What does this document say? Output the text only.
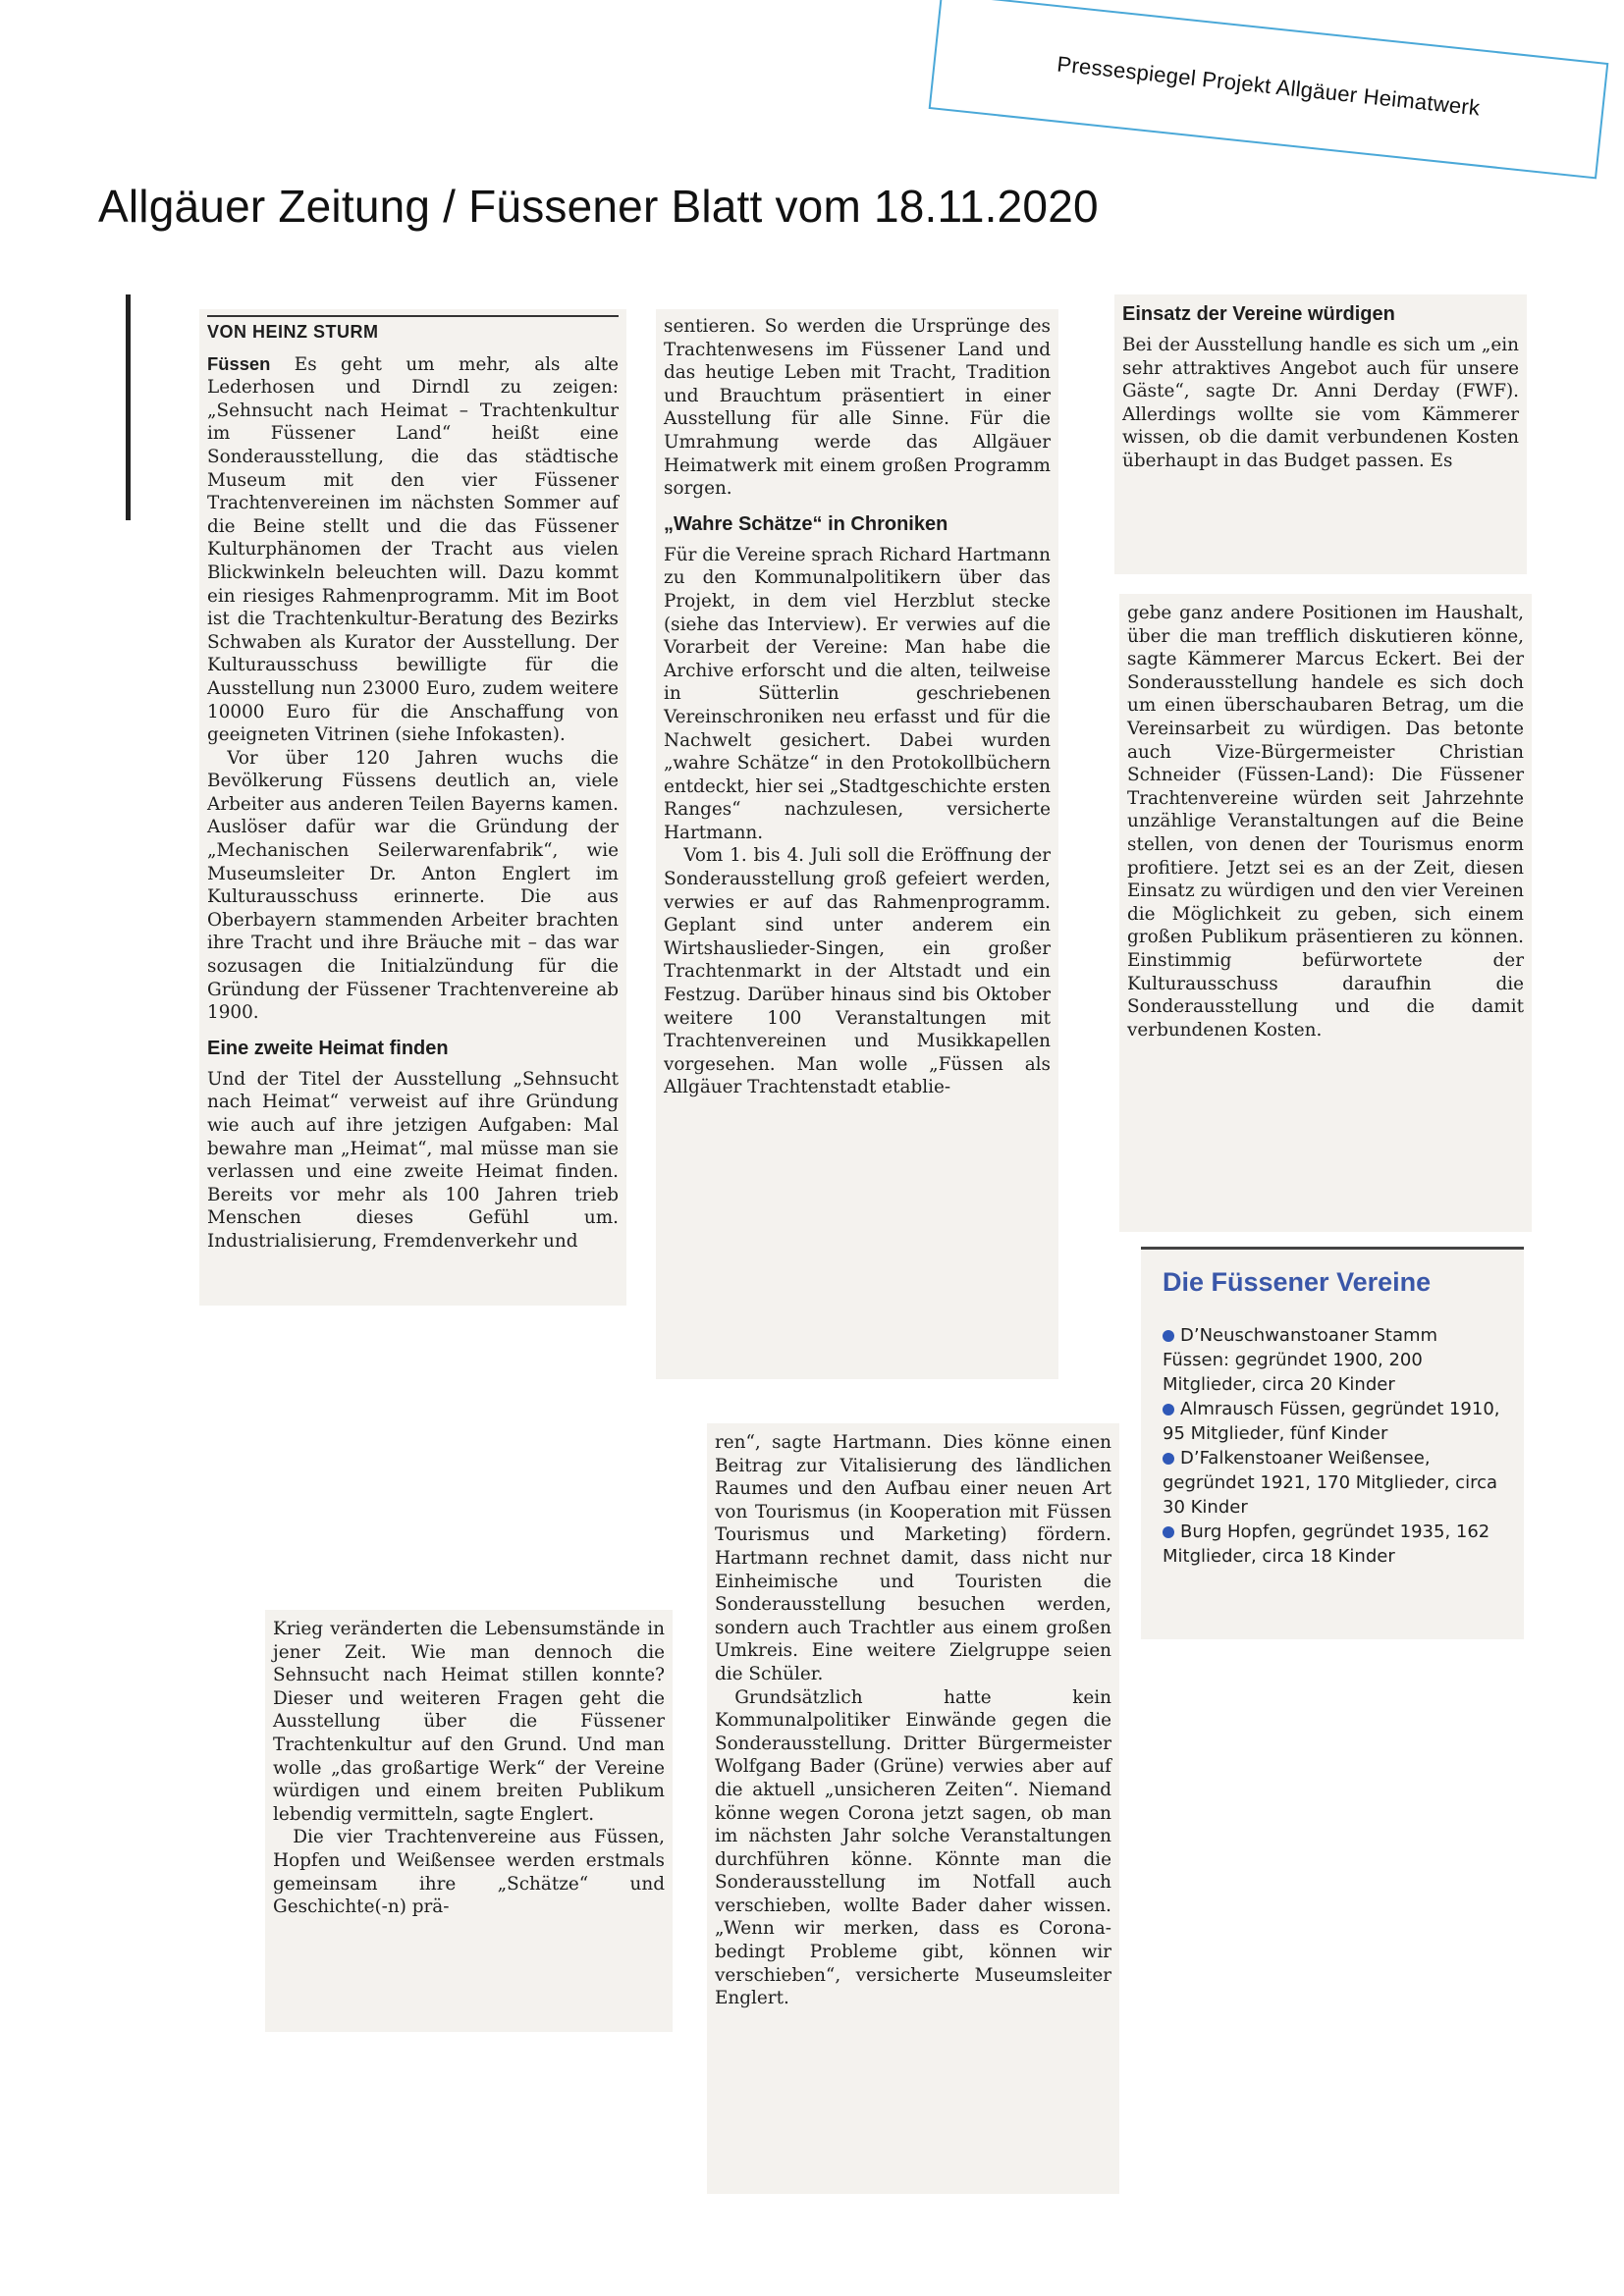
Pressespiegel Projekt Allgäuer Heimatwerk
Allgäuer Zeitung / Füssener Blatt vom 18.11.2020
VON HEINZ STURM

Füssen Es geht um mehr, als alte Lederhosen und Dirndl zu zeigen: „Sehnsucht nach Heimat – Trachtenkultur im Füssener Land“ heißt eine Sonderausstellung, die das städtische Museum mit den vier Füssener Trachtenvereinen im nächsten Sommer auf die Beine stellt und die das Füssener Kulturphänomen der Tracht aus vielen Blickwinkeln beleuchten will. Dazu kommt ein riesiges Rahmenprogramm. Mit im Boot ist die Trachtenkultur-Beratung des Bezirks Schwaben als Kurator der Ausstellung. Der Kulturausschuss bewilligte für die Ausstellung nun 23000 Euro, zudem weitere 10000 Euro für die Anschaffung von geeigneten Vitrinen (siehe Infokasten).

Vor über 120 Jahren wuchs die Bevölkerung Füssens deutlich an, viele Arbeiter aus anderen Teilen Bayerns kamen. Auslöser dafür war die Gründung der „Mechanischen Seilerwarenfabrik“, wie Museumsleiter Dr. Anton Englert im Kulturausschuss erinnerte. Die aus Oberbayern stammenden Arbeiter brachten ihre Tracht und ihre Bräuche mit – das war sozusagen die Initialzündung für die Gründung der Füssener Trachtenvereine ab 1900.

Eine zweite Heimat finden

Und der Titel der Ausstellung „Sehnsucht nach Heimat“ verweist auf ihre Gründung wie auch auf ihre jetzigen Aufgaben: Mal bewahre man „Heimat“, mal müsse man sie verlassen und eine zweite Heimat finden. Bereits vor mehr als 100 Jahren trieb Menschen dieses Gefühl um. Industrialisierung, Fremdenverkehr und

Krieg veränderten die Lebensumstände in jener Zeit. Wie man dennoch die Sehnsucht nach Heimat stillen konnte? Dieser und weiteren Fragen geht die Ausstellung über die Füssener Trachtenkultur auf den Grund. Und man wolle „das großartige Werk“ der Vereine würdigen und einem breiten Publikum lebendig vermitteln, sagte Englert.

Die vier Trachtenvereine aus Füssen, Hopfen und Weißensee werden erstmals gemeinsam ihre „Schätze“ und Geschichte(-n) prä-

sentieren. So werden die Ursprünge des Trachtenwesens im Füssener Land und das heutige Leben mit Tracht, Tradition und Brauchtum präsentiert in einer Ausstellung für alle Sinne. Für die Umrahmung werde das Allgäuer Heimatwerk mit einem großen Programm sorgen.

„Wahre Schätze“ in Chroniken

Für die Vereine sprach Richard Hartmann zu den Kommunalpolitikern über das Projekt, in dem viel Herzblut stecke (siehe das Interview). Er verwies auf die Vorarbeit der Vereine: Man habe die Archive erforscht und die alten, teilweise in Sütterlin geschriebenen Vereinschroniken neu erfasst und für die Nachwelt gesichert. Dabei wurden „wahre Schätze“ in den Protokollbüchern entdeckt, hier sei „Stadtgeschichte ersten Ranges“ nachzulesen, versicherte Hartmann.

Vom 1. bis 4. Juli soll die Eröffnung der Sonderausstellung groß gefeiert werden, verwies er auf das Rahmenprogramm. Geplant sind unter anderem ein Wirtshauslieder-Singen, ein großer Trachtenmarkt in der Altstadt und ein Festzug. Darüber hinaus sind bis Oktober weitere 100 Veranstaltungen mit Trachtenvereinen und Musikkapellen vorgesehen. Man wolle „Füssen als Allgäuer Trachtenstadt etablie-

ren“, sagte Hartmann. Dies könne einen Beitrag zur Vitalisierung des ländlichen Raumes und den Aufbau einer neuen Art von Tourismus (in Kooperation mit Füssen Tourismus und Marketing) fördern. Hartmann rechnet damit, dass nicht nur Einheimische und Touristen die Sonderausstellung besuchen werden, sondern auch Trachtler aus einem großen Umkreis. Eine weitere Zielgruppe seien die Schüler.

Grundsätzlich hatte kein Kommunalpolitiker Einwände gegen die Sonderausstellung. Dritter Bürgermeister Wolfgang Bader (Grüne) verwies aber auf die aktuell „unsicheren Zeiten“. Niemand könne wegen Corona jetzt sagen, ob man im nächsten Jahr solche Veranstaltungen durchführen könne. Könnte man die Sonderausstellung im Notfall auch verschieben, wollte Bader daher wissen. „Wenn wir merken, dass es Corona-bedingt Probleme gibt, können wir verschieben“, versicherte Museumsleiter Englert.

Einsatz der Vereine würdigen

Bei der Ausstellung handle es sich um „ein sehr attraktives Angebot auch für unsere Gäste“, sagte Dr. Anni Derday (FWF). Allerdings wollte sie vom Kämmerer wissen, ob die damit verbundenen Kosten überhaupt in das Budget passen. Es

gebe ganz andere Positionen im Haushalt, über die man trefflich diskutieren könne, sagte Kämmerer Marcus Eckert. Bei der Sonderausstellung handele es sich doch um einen überschaubaren Betrag, um die Vereinsarbeit zu würdigen. Das betonte auch Vize-Bürgermeister Christian Schneider (Füssen-Land): Die Füssener Trachtenvereine würden seit Jahrzehnte unzählige Veranstaltungen auf die Beine stellen, von denen der Tourismus enorm profitiere. Jetzt sei es an der Zeit, diesen Einsatz zu würdigen und den vier Vereinen die Möglichkeit zu geben, sich einem großen Publikum präsentieren zu können. Einstimmig befürwortete der Kulturausschuss daraufhin die Sonderausstellung und die damit verbundenen Kosten.

Die Füssener Vereine
D’Neuschwanstoaner Stamm Füssen: gegründet 1900, 200 Mitglieder, circa 20 Kinder
Almrausch Füssen, gegründet 1910, 95 Mitglieder, fünf Kinder
D’Falkenstoaner Weißensee, gegründet 1921, 170 Mitglieder, circa 30 Kinder
Burg Hopfen, gegründet 1935, 162 Mitglieder, circa 18 Kinder
